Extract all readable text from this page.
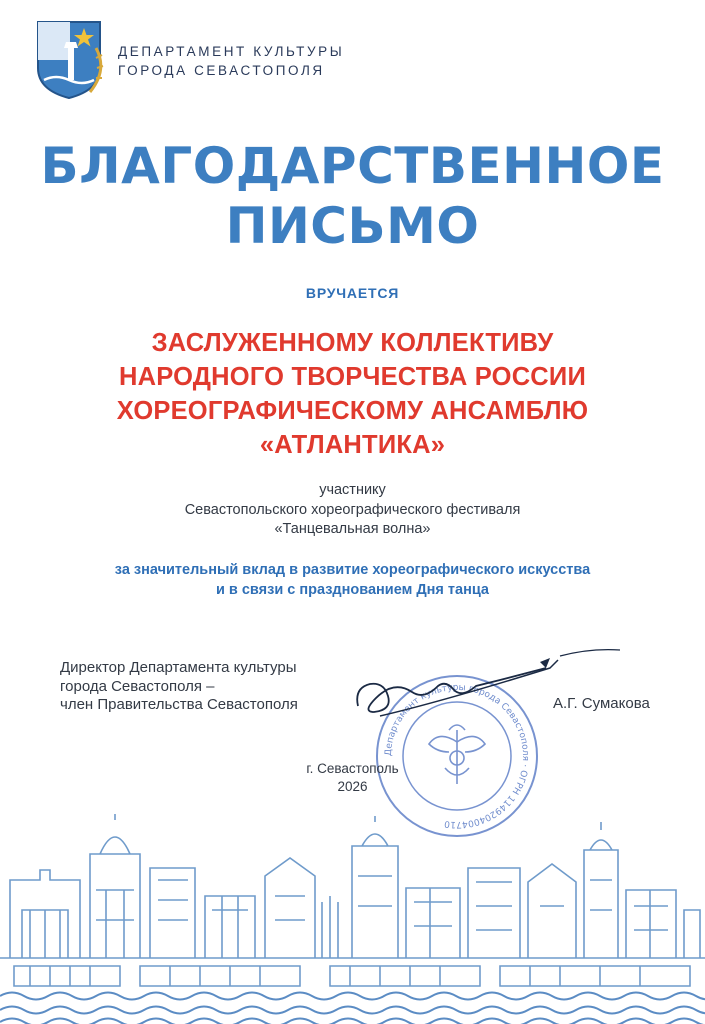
ДЕПАРТАМЕНТ КУЛЬТУРЫ
ГОРОДА СЕВАСТОПОЛЯ
БЛАГОДАРСТВЕННОЕ
ПИСЬМО
ВРУЧАЕТСЯ
ЗАСЛУЖЕННОМУ КОЛЛЕКТИВУ
НАРОДНОГО ТВОРЧЕСТВА РОССИИ
ХОРЕОГРАФИЧЕСКОМУ АНСАМБЛЮ
«АТЛАНТИКА»
участнику
Севастопольского хореографического фестиваля
«Танцевальная волна»
за значительный вклад в развитие хореографического искусства
и в связи с празднованием Дня танца
Директор Департамента культуры
города Севастополя –
член Правительства Севастополя
Департамент культуры города Севастополя · ОГРН 1149204004710
А.Г. Сумакова
г. Севастополь
2026
